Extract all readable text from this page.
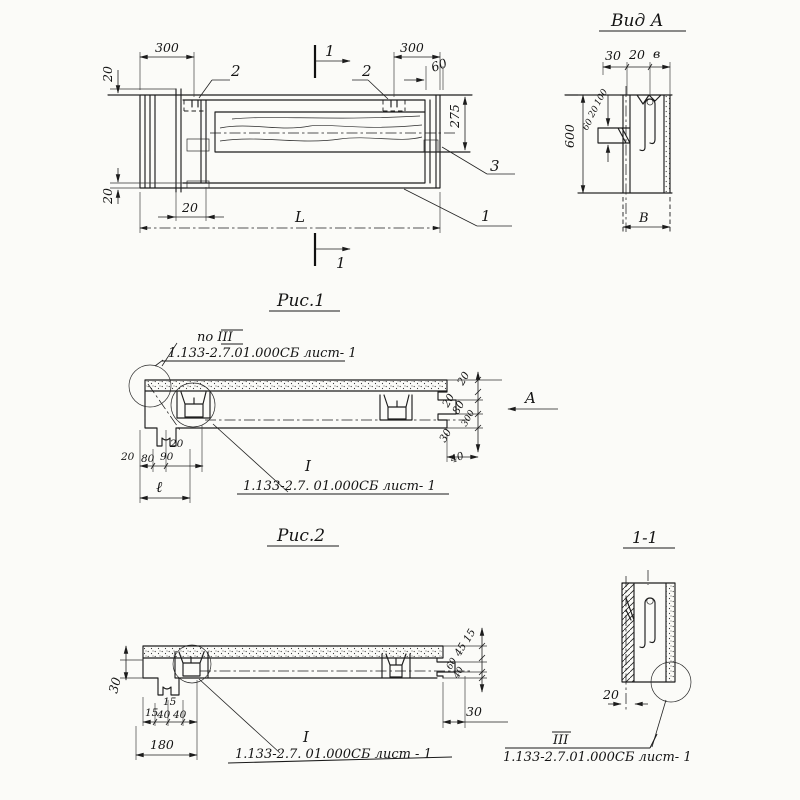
300	300
60
20
275
20
20
L
1
1
2	2
3
1
Рис.1
Вид А
30 20 в
600
100
20
60
В
20 80 90
20
ℓ
20
20
80
300
30
40
A
по III
1.133-2.7.01.000СБ лист- 1
I
1.133-2.7. 01.000СБ лист- 1
Рис.2
30
15
40 40
15
180
15
45
60
40
30
I
1.133-2.7. 01.000СБ лист - 1
1-1
20
III
1.133-2.7.01.000СБ лист- 1
